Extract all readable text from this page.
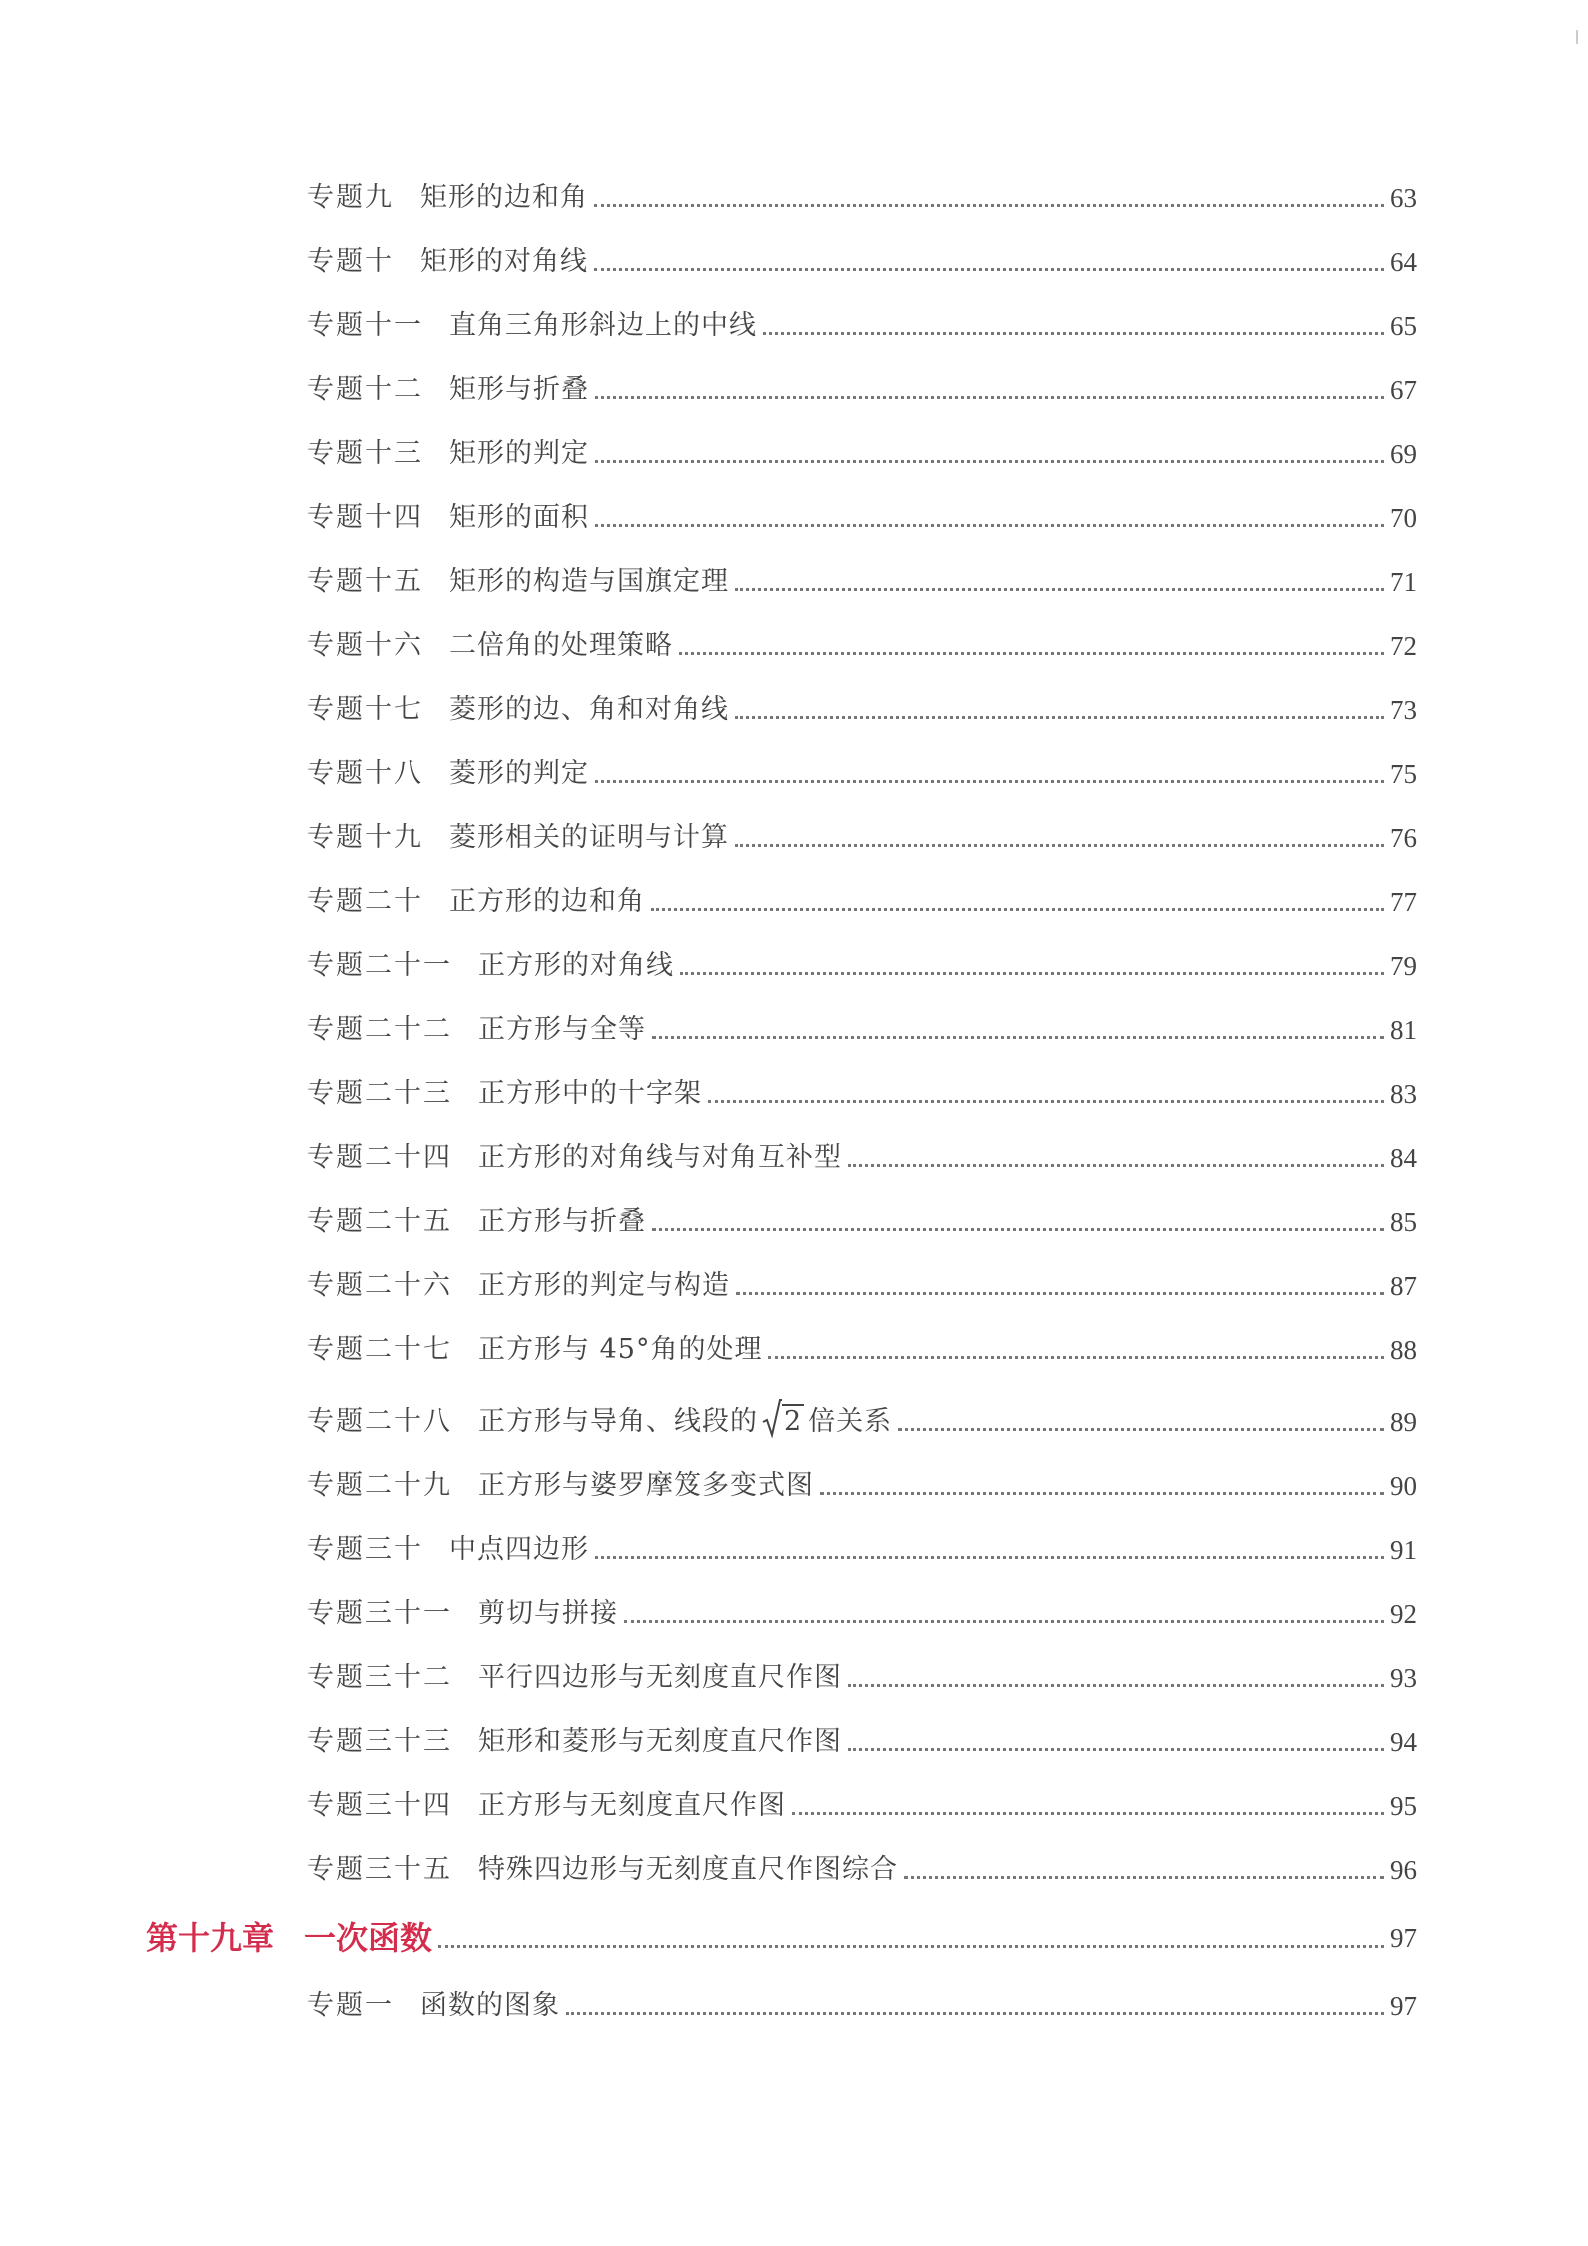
专题九 矩形的边和角	63
专题十 矩形的对角线	64
专题十一 直角三角形斜边上的中线	65
专题十二 矩形与折叠	67
专题十三 矩形的判定	69
专题十四 矩形的面积	70
专题十五 矩形的构造与国旗定理	71
专题十六 二倍角的处理策略	72
专题十七 菱形的边、角和对角线	73
专题十八 菱形的判定	75
专题十九 菱形相关的证明与计算	76
专题二十 正方形的边和角	77
专题二十一 正方形的对角线	79
专题二十二 正方形与全等	81
专题二十三 正方形中的十字架	83
专题二十四 正方形的对角线与对角互补型	84
专题二十五 正方形与折叠	85
专题二十六 正方形的判定与构造	87
专题二十七 正方形与 45°角的处理	88
专题二十八 正方形与导角、线段的 2 倍关系	89
专题二十九 正方形与婆罗摩笈多变式图	90
专题三十 中点四边形	91
专题三十一 剪切与拼接	92
专题三十二 平行四边形与无刻度直尺作图	93
专题三十三 矩形和菱形与无刻度直尺作图	94
专题三十四 正方形与无刻度直尺作图	95
专题三十五 特殊四边形与无刻度直尺作图综合	96
第十九章 一次函数	97
专题一 函数的图象	97
